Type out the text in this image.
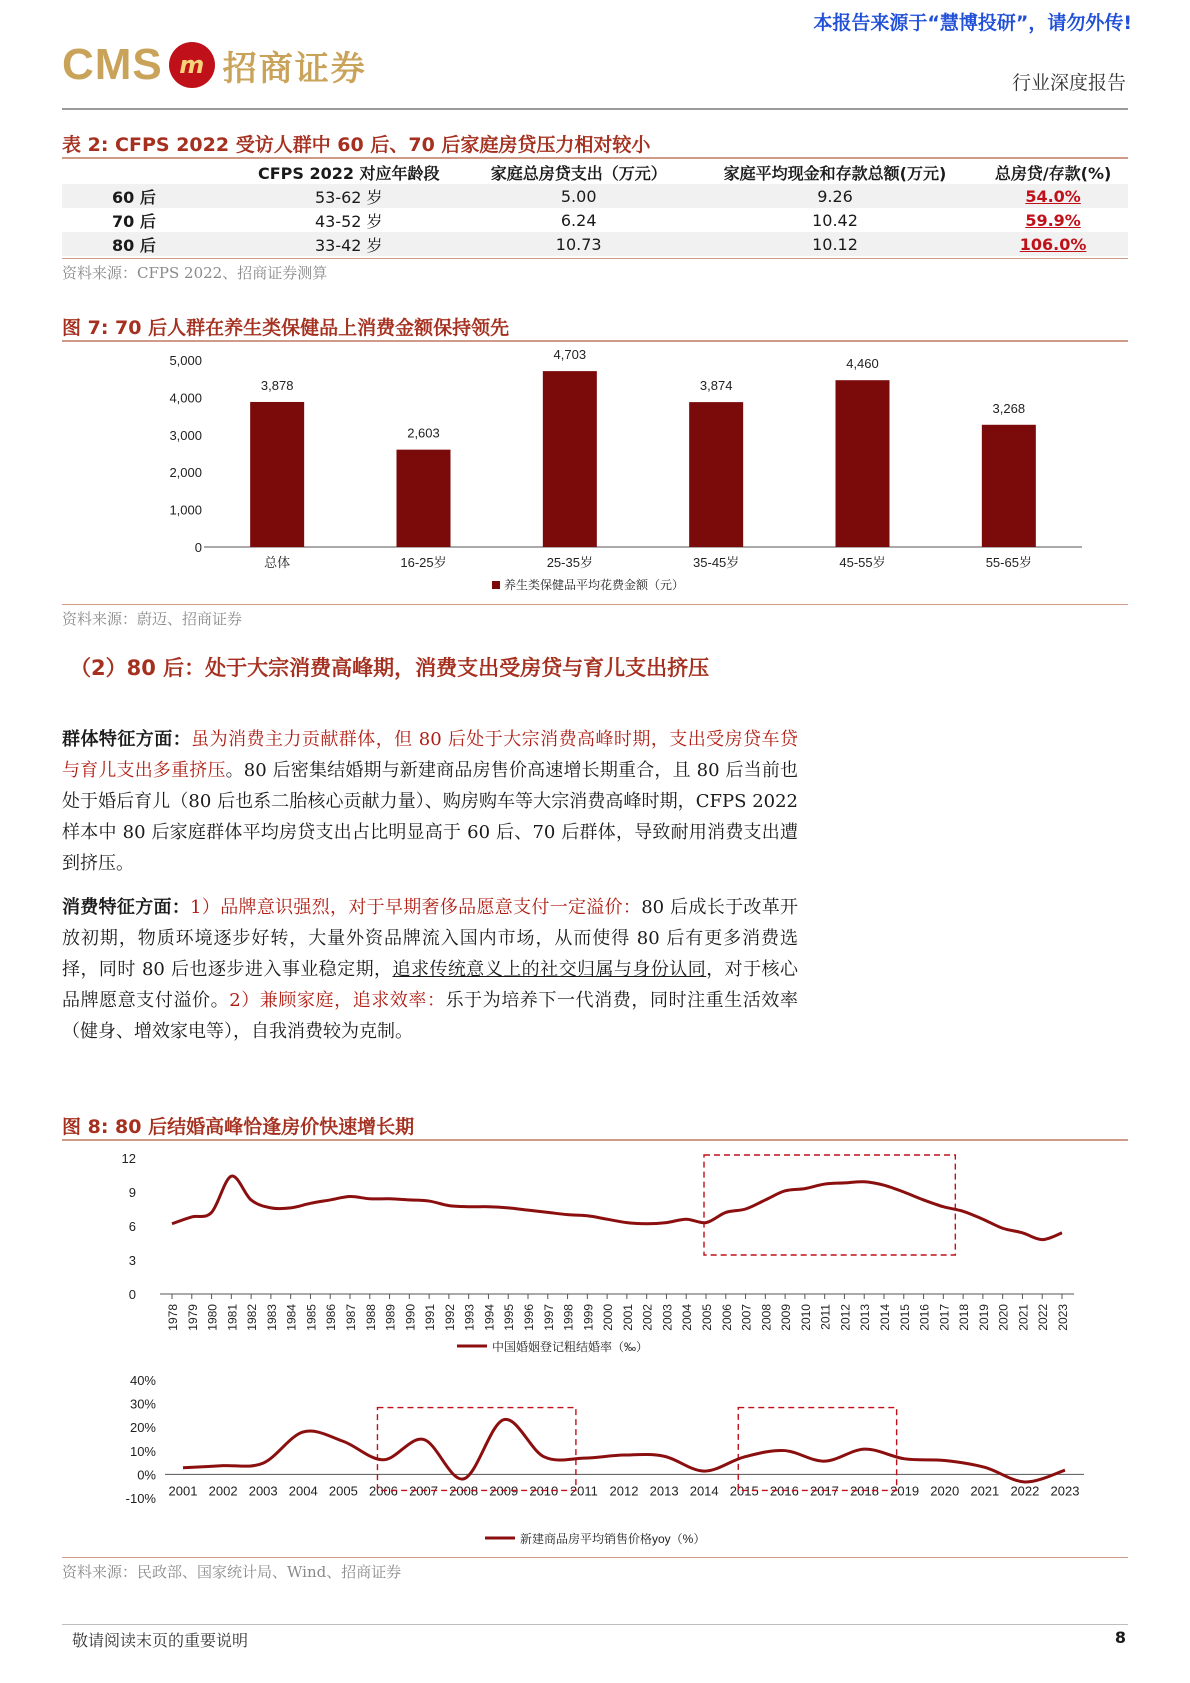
本报告来源于“慧博投研”，请勿外传!
CMS m 招商证券	行业深度报告
表 2: CFPS 2022 受访人群中 60 后、70 后家庭房贷压力相对较小
	CFPS 2022 对应年龄段	家庭总房贷支出（万元）	家庭平均现金和存款总额(万元)	总房贷/存款(%)
60 后	53-62 岁	5.00	9.26	54.0%
70 后	43-52 岁	6.24	10.42	59.9%
80 后	33-42 岁	10.73	10.12	106.0%
资料来源：CFPS 2022、招商证券测算
图 7: 70 后人群在养生类保健品上消费金额保持领先
0
1,000
2,000
3,000
4,000
5,000
3,878
总体
2,603
16-25岁
4,703
25-35岁
3,874
35-45岁
4,460
45-55岁
3,268
55-65岁
养生类保健品平均花费金额（元）
资料来源：蔚迈、招商证券
（2）80 后：处于大宗消费高峰期，消费支出受房贷与育儿支出挤压
群体特征方面：虽为消费主力贡献群体，但 80 后处于大宗消费高峰时期，支出受房贷车贷与育儿支出多重挤压。80 后密集结婚期与新建商品房售价高速增长期重合，且 80 后当前也处于婚后育儿（80 后也系二胎核心贡献力量）、购房购车等大宗消费高峰时期，CFPS 2022 样本中 80 后家庭群体平均房贷支出占比明显高于 60 后、70 后群体，导致耐用消费支出遭到挤压。
消费特征方面：1）品牌意识强烈，对于早期奢侈品愿意支付一定溢价：80 后成长于改革开放初期，物质环境逐步好转，大量外资品牌流入国内市场，从而使得 80 后有更多消费选择，同时 80 后也逐步进入事业稳定期，追求传统意义上的社交归属与身份认同，对于核心品牌愿意支付溢价。2）兼顾家庭，追求效率：乐于为培养下一代消费，同时注重生活效率（健身、增效家电等），自我消费较为克制。
图 8: 80 后结婚高峰恰逢房价快速增长期
0
3
6
9
12
1978 1979 1980 1981 1982 1983 1984 1985 1986 1987 1988 1989 1990 1991 1992 1993 1994 1995 1996 1997 1998 1999 2000 2001 2002 2003 2004 2005 2006 2007 2008 2009 2010 2011 2012 2013 2014 2015 2016 2017 2018 2019 2020 2021 2022 2023
中国婚姻登记粗结婚率（‰）
-10%
0%
10%
20%
30%
40%
2001 2002 2003 2004 2005 2006 2007 2008 2009 2010 2011 2012 2013 2014 2015 2016 2017 2018 2019 2020 2021 2022 2023
新建商品房平均销售价格yoy（%）
资料来源：民政部、国家统计局、Wind、招商证券
敬请阅读末页的重要说明	8
